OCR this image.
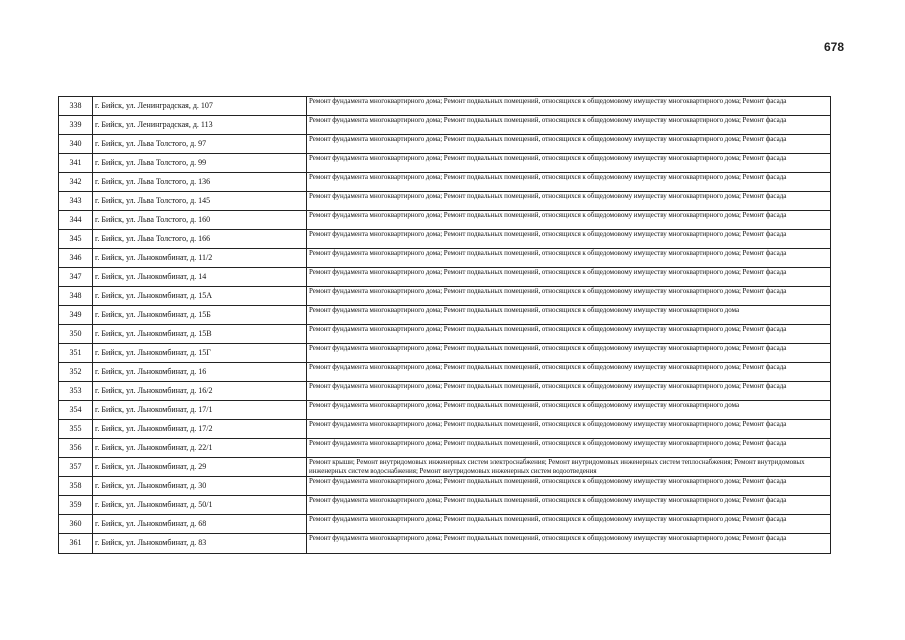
678
338	г. Бийск, ул. Ленинградская, д. 107	Ремонт фундамента многоквартирного дома; Ремонт подвальных помещений, относящихся к общедомовому имуществу многоквартирного дома; Ремонт фасада
339	г. Бийск, ул. Ленинградская, д. 113	Ремонт фундамента многоквартирного дома; Ремонт подвальных помещений, относящихся к общедомовому имуществу многоквартирного дома; Ремонт фасада
340	г. Бийск, ул. Льва Толстого, д. 97	Ремонт фундамента многоквартирного дома; Ремонт подвальных помещений, относящихся к общедомовому имуществу многоквартирного дома; Ремонт фасада
341	г. Бийск, ул. Льва Толстого, д. 99	Ремонт фундамента многоквартирного дома; Ремонт подвальных помещений, относящихся к общедомовому имуществу многоквартирного дома; Ремонт фасада
342	г. Бийск, ул. Льва Толстого, д. 136	Ремонт фундамента многоквартирного дома; Ремонт подвальных помещений, относящихся к общедомовому имуществу многоквартирного дома; Ремонт фасада
343	г. Бийск, ул. Льва Толстого, д. 145	Ремонт фундамента многоквартирного дома; Ремонт подвальных помещений, относящихся к общедомовому имуществу многоквартирного дома; Ремонт фасада
344	г. Бийск, ул. Льва Толстого, д. 160	Ремонт фундамента многоквартирного дома; Ремонт подвальных помещений, относящихся к общедомовому имуществу многоквартирного дома; Ремонт фасада
345	г. Бийск, ул. Льва Толстого, д. 166	Ремонт фундамента многоквартирного дома; Ремонт подвальных помещений, относящихся к общедомовому имуществу многоквартирного дома; Ремонт фасада
346	г. Бийск, ул. Льнокомбинат, д. 11/2	Ремонт фундамента многоквартирного дома; Ремонт подвальных помещений, относящихся к общедомовому имуществу многоквартирного дома; Ремонт фасада
347	г. Бийск, ул. Льнокомбинат, д. 14	Ремонт фундамента многоквартирного дома; Ремонт подвальных помещений, относящихся к общедомовому имуществу многоквартирного дома; Ремонт фасада
348	г. Бийск, ул. Льнокомбинат, д. 15А	Ремонт фундамента многоквартирного дома; Ремонт подвальных помещений, относящихся к общедомовому имуществу многоквартирного дома; Ремонт фасада
349	г. Бийск, ул. Льнокомбинат, д. 15Б	Ремонт фундамента многоквартирного дома; Ремонт подвальных помещений, относящихся к общедомовому имуществу многоквартирного дома
350	г. Бийск, ул. Льнокомбинат, д. 15В	Ремонт фундамента многоквартирного дома; Ремонт подвальных помещений, относящихся к общедомовому имуществу многоквартирного дома; Ремонт фасада
351	г. Бийск, ул. Льнокомбинат, д. 15Г	Ремонт фундамента многоквартирного дома; Ремонт подвальных помещений, относящихся к общедомовому имуществу многоквартирного дома; Ремонт фасада
352	г. Бийск, ул. Льнокомбинат, д. 16	Ремонт фундамента многоквартирного дома; Ремонт подвальных помещений, относящихся к общедомовому имуществу многоквартирного дома; Ремонт фасада
353	г. Бийск, ул. Льнокомбинат, д. 16/2	Ремонт фундамента многоквартирного дома; Ремонт подвальных помещений, относящихся к общедомовому имуществу многоквартирного дома; Ремонт фасада
354	г. Бийск, ул. Льнокомбинат, д. 17/1	Ремонт фундамента многоквартирного дома; Ремонт подвальных помещений, относящихся к общедомовому имуществу многоквартирного дома
355	г. Бийск, ул. Льнокомбинат, д. 17/2	Ремонт фундамента многоквартирного дома; Ремонт подвальных помещений, относящихся к общедомовому имуществу многоквартирного дома; Ремонт фасада
356	г. Бийск, ул. Льнокомбинат, д. 22/1	Ремонт фундамента многоквартирного дома; Ремонт подвальных помещений, относящихся к общедомовому имуществу многоквартирного дома; Ремонт фасада
357	г. Бийск, ул. Льнокомбинат, д. 29	Ремонт крыши; Ремонт внутридомовых инженерных систем электроснабжения; Ремонт внутридомовых инженерных систем теплоснабжения; Ремонт внутридомовых инженерных систем водоснабжения; Ремонт внутридомовых инженерных систем водоотведения
358	г. Бийск, ул. Льнокомбинат, д. 30	Ремонт фундамента многоквартирного дома; Ремонт подвальных помещений, относящихся к общедомовому имуществу многоквартирного дома; Ремонт фасада
359	г. Бийск, ул. Льнокомбинат, д. 50/1	Ремонт фундамента многоквартирного дома; Ремонт подвальных помещений, относящихся к общедомовому имуществу многоквартирного дома; Ремонт фасада
360	г. Бийск, ул. Льнокомбинат, д. 68	Ремонт фундамента многоквартирного дома; Ремонт подвальных помещений, относящихся к общедомовому имуществу многоквартирного дома; Ремонт фасада
361	г. Бийск, ул. Льнокомбинат, д. 83	Ремонт фундамента многоквартирного дома; Ремонт подвальных помещений, относящихся к общедомовому имуществу многоквартирного дома; Ремонт фасада
